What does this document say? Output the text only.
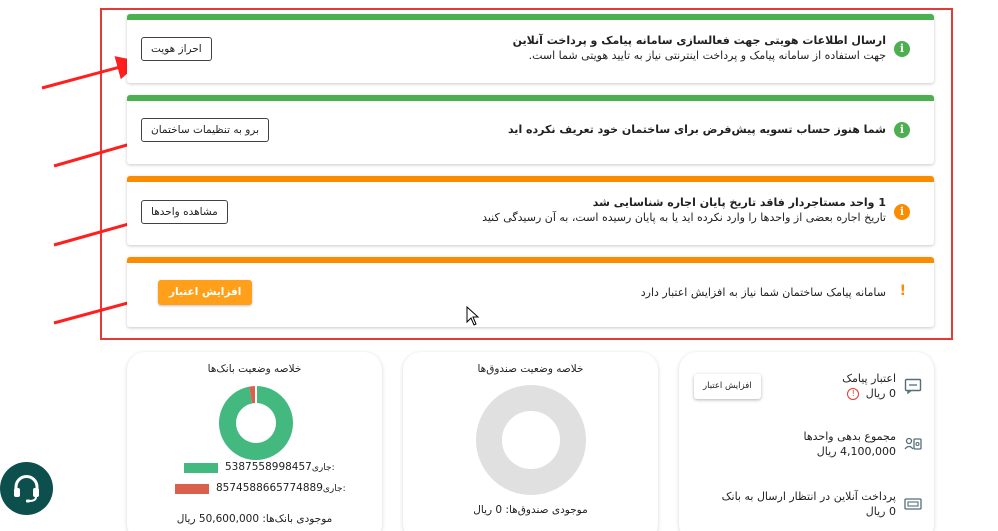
i
ارسال اطلاعات هویتی جهت فعالسازی سامانه پیامک و پرداخت آنلاین
جهت استفاده از سامانه پیامک و پرداخت اینترنتی نیاز به تایید هویتی شما است.
احراز هویت
i
شما هنوز حساب تسویه پیش‌فرض برای ساختمان خود تعریف نکرده اید
برو به تنظیمات ساختمان
i
1 واحد مستاجردار فاقد تاریخ پایان اجاره شناسایی شد
تاریخ اجاره بعضی از واحدها را وارد نکرده اید یا به پایان رسیده است، به آن رسیدگی کنید
مشاهده واحدها
!
سامانه پیامک ساختمان شما نیاز به افزایش اعتبار دارد
افزایش اعتبار
اعتبار پیامک
0 ریال !
افزایش اعتبار
مجموع بدهی واحدها
4,100,000 ریال
پرداخت آنلاین در انتظار ارسال به بانک
0 ریال
خلاصه وضعیت صندوق‌ها
موجودی صندوق‌ها: 0 ریال
خلاصه وضعیت بانک‌ها
5387558998457جاری:
8574588665774889جاری:
موجودی بانک‌ها: 50,600,000 ریال
